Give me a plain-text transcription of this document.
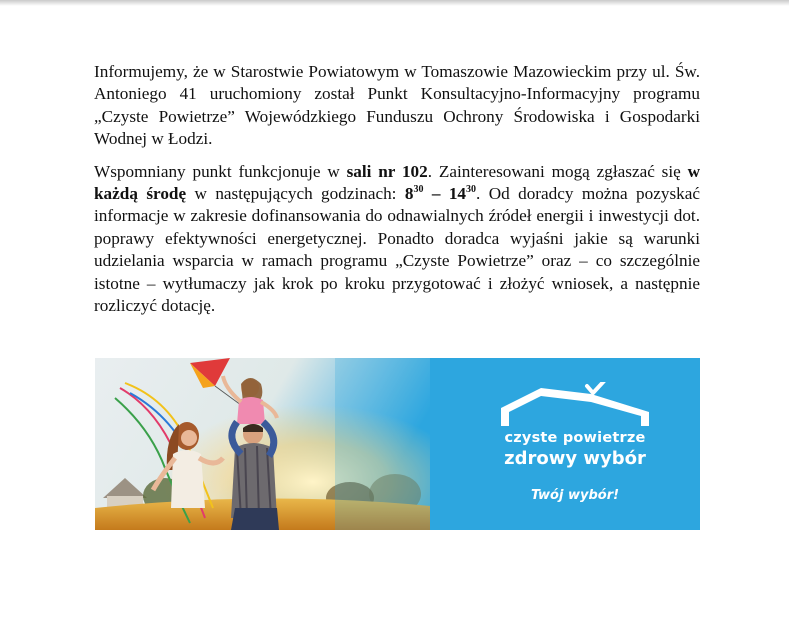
Informujemy, że w Starostwie Powiatowym w Tomaszowie Mazowieckim przy ul. Św. Antoniego 41 uruchomiony został Punkt Konsultacyjno-Informacyjny programu „Czyste Powietrze” Wojewódzkiego Funduszu Ochrony Środowiska i Gospodarki Wodnej w Łodzi.

Wspomniany punkt funkcjonuje w sali nr 102. Zainteresowani mogą zgłaszać się w każdą środę w następujących godzinach: $8^{30} - 14^{30}$. Od doradcy można pozyskać informacje w zakresie dofinansowania do odnawialnych źródeł energii i inwestycji dot. poprawy efektywności energetycznej. Ponadto doradca wyjaśni jakie są warunki udzielania wsparcia w ramach programu „Czyste Powietrze” oraz – co szczególnie istotne – wytłumaczy jak krok po kroku przygotować i złożyć wniosek, a następnie rozliczyć dotację.

czyste powietrze
zdrowy wybór
Twój wybór!
